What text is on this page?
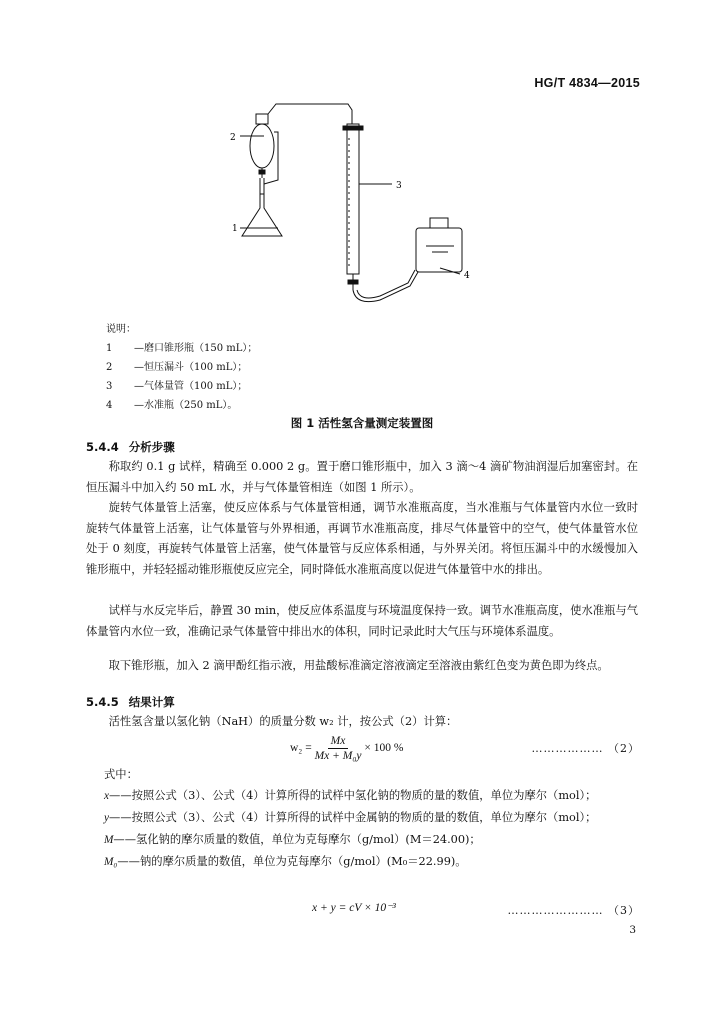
HG/T 4834—2015
1
2
3
4
说明：
1	—磨口锥形瓶（150 mL）；
2	—恒压漏斗（100 mL）；
3	—气体量管（100 mL）；
4	—水准瓶（250 mL）。
图 1 活性氢含量测定装置图
5.4.4 分析步骤
称取约 0.1 g 试样，精确至 0.000 2 g。置于磨口锥形瓶中，加入 3 滴～4 滴矿物油润湿后加塞密封。在恒压漏斗中加入约 50 mL 水，并与气体量管相连（如图 1 所示）。
旋转气体量管上活塞，使反应体系与气体量管相通，调节水准瓶高度，当水准瓶与气体量管内水位一致时旋转气体量管上活塞，让气体量管与外界相通，再调节水准瓶高度，排尽气体量管中的空气，使气体量管水位处于 0 刻度，再旋转气体量管上活塞，使气体量管与反应体系相通，与外界关闭。将恒压漏斗中的水缓慢加入锥形瓶中，并轻轻摇动锥形瓶使反应完全，同时降低水准瓶高度以促进气体量管中水的排出。
试样与水反完毕后，静置 30 min，使反应体系温度与环境温度保持一致。调节水准瓶高度，使水准瓶与气体量管内水位一致，准确记录气体量管中排出水的体积，同时记录此时大气压与环境体系温度。
取下锥形瓶，加入 2 滴甲酚红指示液，用盐酸标准滴定溶液滴定至溶液由紫红色变为黄色即为终点。
5.4.5 结果计算
活性氢含量以氢化钠（NaH）的质量分数 w₂ 计，按公式（2）计算：
$w_2 = \frac{Mx}{\text{Mx + M₀y}} \times 100$ %	……………… （2）
式中：
x——按照公式（3）、公式（4）计算所得的试样中氢化钠的物质的量的数值，单位为摩尔（mol）；
y——按照公式（3）、公式（4）计算所得的试样中金属钠的物质的量的数值，单位为摩尔（mol）；
M——氢化钠的摩尔质量的数值，单位为克每摩尔（g/mol）(M＝24.00)；
M₀——钠的摩尔质量的数值，单位为克每摩尔（g/mol）(M₀＝22.99)。
x + y = cV × 10⁻³	…………………… （3）
3
